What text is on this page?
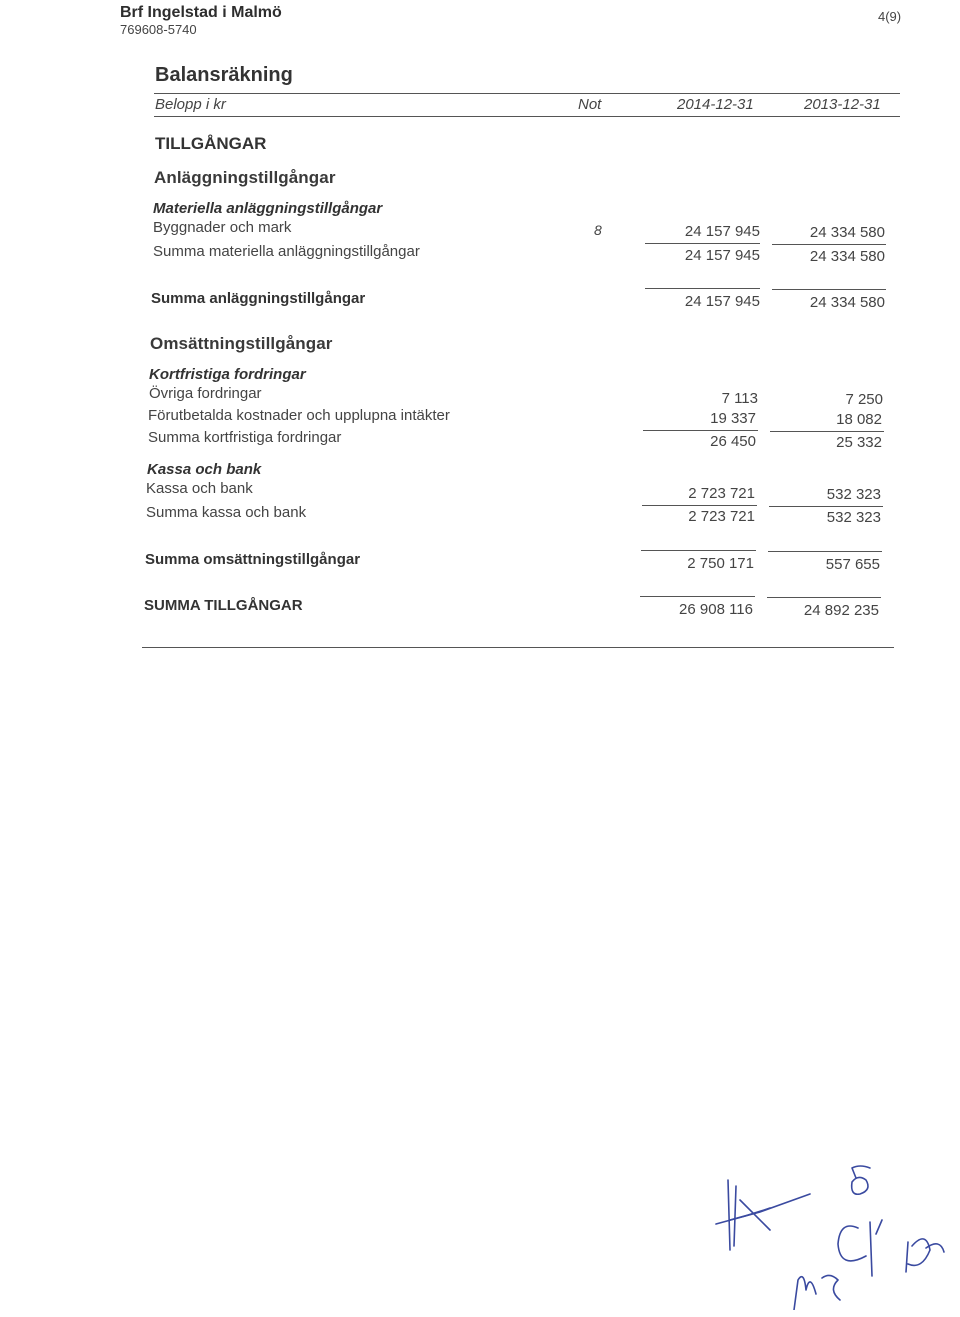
Brf Ingelstad i Malmö
769608-5740
4(9)
Balansräkning
Belopp i kr	Not	2014-12-31	2013-12-31
TILLGÅNGAR
Anläggningstillgångar
Materiella anläggningstillgångar
Byggnader och mark	8	24 157 945	24 334 580
Summa materiella anläggningstillgångar	24 157 945	24 334 580
Summa anläggningstillgångar	24 157 945	24 334 580
Omsättningstillgångar
Kortfristiga fordringar
Övriga fordringar	7 113	7 250
Förutbetalda kostnader och upplupna intäkter	19 337	18 082
Summa kortfristiga fordringar	26 450	25 332
Kassa och bank
Kassa och bank	2 723 721	532 323
Summa kassa och bank	2 723 721	532 323
Summa omsättningstillgångar	2 750 171	557 655
SUMMA TILLGÅNGAR	26 908 116	24 892 235
